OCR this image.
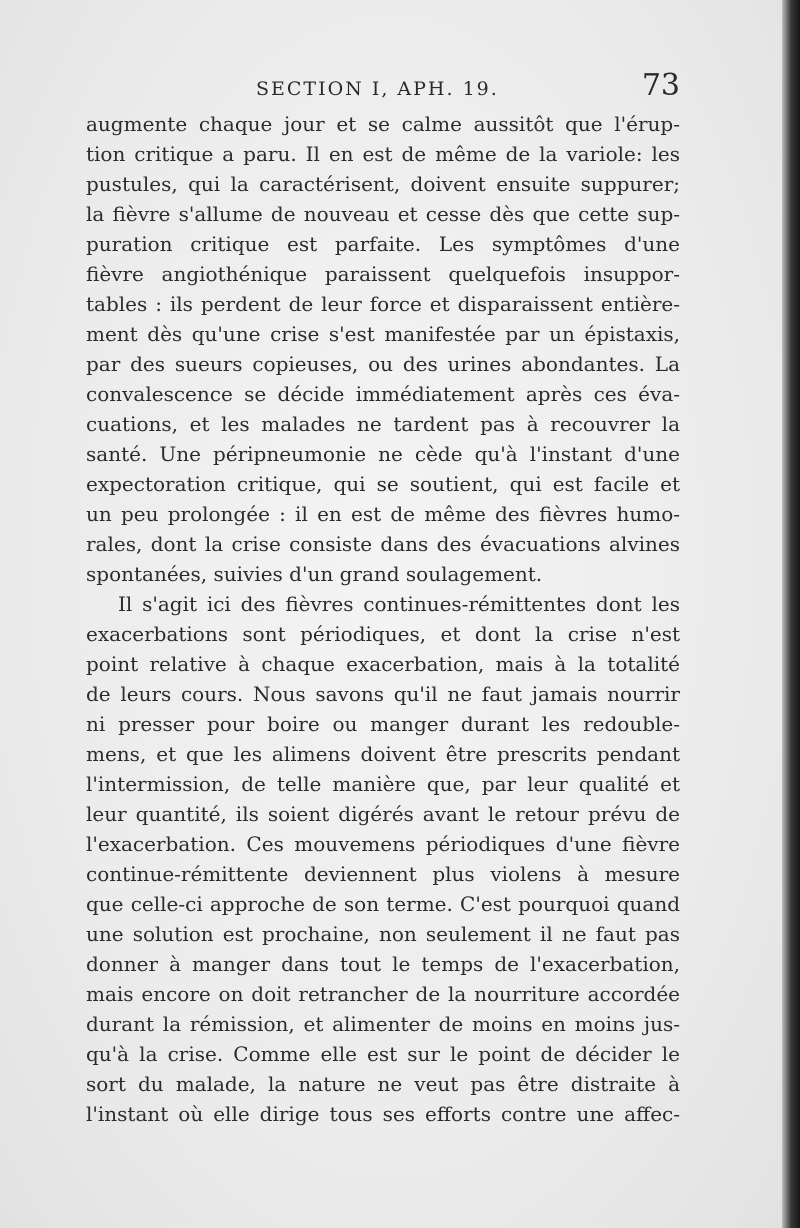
SECTION I, APH. 19.	73
augmente chaque jour et se calme aussitôt que l'érup-
tion critique a paru. Il en est de même de la variole: les
pustules, qui la caractérisent, doivent ensuite suppurer;
la fièvre s'allume de nouveau et cesse dès que cette sup-
puration critique est parfaite. Les symptômes d'une
fièvre angiothénique paraissent quelquefois insuppor-
tables : ils perdent de leur force et disparaissent entière-
ment dès qu'une crise s'est manifestée par un épistaxis,
par des sueurs copieuses, ou des urines abondantes. La
convalescence se décide immédiatement après ces éva-
cuations, et les malades ne tardent pas à recouvrer la
santé. Une péripneumonie ne cède qu'à l'instant d'une
expectoration critique, qui se soutient, qui est facile et
un peu prolongée : il en est de même des fièvres humo-
rales, dont la crise consiste dans des évacuations alvines
spontanées, suivies d'un grand soulagement.
Il s'agit ici des fièvres continues-rémittentes dont les
exacerbations sont périodiques, et dont la crise n'est
point relative à chaque exacerbation, mais à la totalité
de leurs cours. Nous savons qu'il ne faut jamais nourrir
ni presser pour boire ou manger durant les redouble-
mens, et que les alimens doivent être prescrits pendant
l'intermission, de telle manière que, par leur qualité et
leur quantité, ils soient digérés avant le retour prévu de
l'exacerbation. Ces mouvemens périodiques d'une fièvre
continue-rémittente deviennent plus violens à mesure
que celle-ci approche de son terme. C'est pourquoi quand
une solution est prochaine, non seulement il ne faut pas
donner à manger dans tout le temps de l'exacerbation,
mais encore on doit retrancher de la nourriture accordée
durant la rémission, et alimenter de moins en moins jus-
qu'à la crise. Comme elle est sur le point de décider le
sort du malade, la nature ne veut pas être distraite à
l'instant où elle dirige tous ses efforts contre une affec-
